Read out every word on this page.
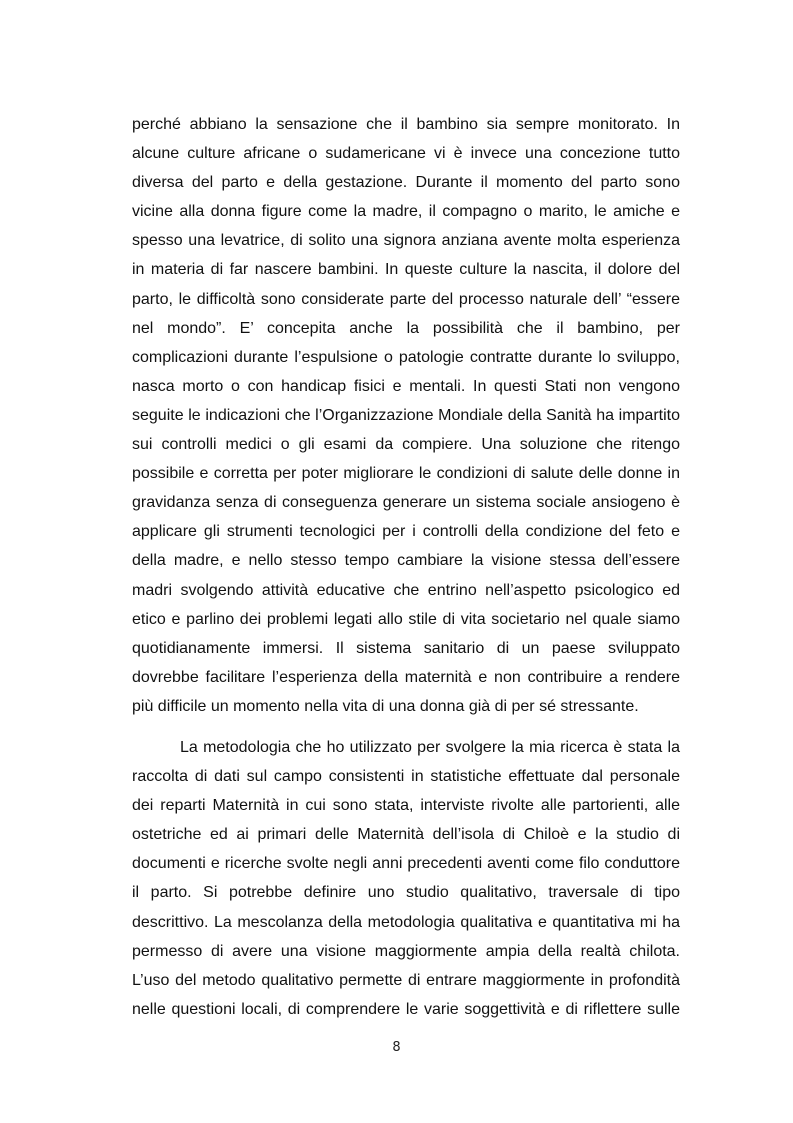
perché abbiano la sensazione che il bambino sia sempre monitorato. In
alcune culture africane o sudamericane vi è invece una concezione tutto
diversa del parto e della gestazione. Durante il momento del parto sono
vicine alla donna figure come la madre, il compagno o marito, le amiche e
spesso una levatrice, di solito una signora anziana avente molta esperienza
in materia di far nascere bambini. In queste culture la nascita, il dolore del
parto, le difficoltà sono considerate parte del processo naturale dell’ “essere
nel mondo”. E’ concepita anche la possibilità che il bambino, per
complicazioni durante l’espulsione o patologie contratte durante lo sviluppo,
nasca morto o con handicap fisici e mentali. In questi Stati non vengono
seguite le indicazioni che l’Organizzazione Mondiale della Sanità ha impartito
sui controlli medici o gli esami da compiere. Una soluzione che ritengo
possibile e corretta per poter migliorare le condizioni di salute delle donne in
gravidanza senza di conseguenza generare un sistema sociale ansiogeno è
applicare gli strumenti tecnologici per i controlli della condizione del feto e
della madre, e nello stesso tempo cambiare la visione stessa dell’essere
madri svolgendo attività educative che entrino nell’aspetto psicologico ed
etico e parlino dei problemi legati allo stile di vita societario nel quale siamo
quotidianamente immersi. Il sistema sanitario di un paese sviluppato
dovrebbe facilitare l’esperienza della maternità e non contribuire a rendere
più difficile un momento nella vita di una donna già di per sé stressante.
La metodologia che ho utilizzato per svolgere la mia ricerca è stata la
raccolta di dati sul campo consistenti in statistiche effettuate dal personale
dei reparti Maternità in cui sono stata, interviste rivolte alle partorienti, alle
ostetriche ed ai primari delle Maternità dell’isola di Chiloè e la studio di
documenti e ricerche svolte negli anni precedenti aventi come filo conduttore
il parto. Si potrebbe definire uno studio qualitativo, traversale di tipo
descrittivo. La mescolanza della metodologia qualitativa e quantitativa mi ha
permesso di avere una visione maggiormente ampia della realtà chilota.
L’uso del metodo qualitativo permette di entrare maggiormente in profondità
nelle questioni locali, di comprendere le varie soggettività e di riflettere sulle
8
